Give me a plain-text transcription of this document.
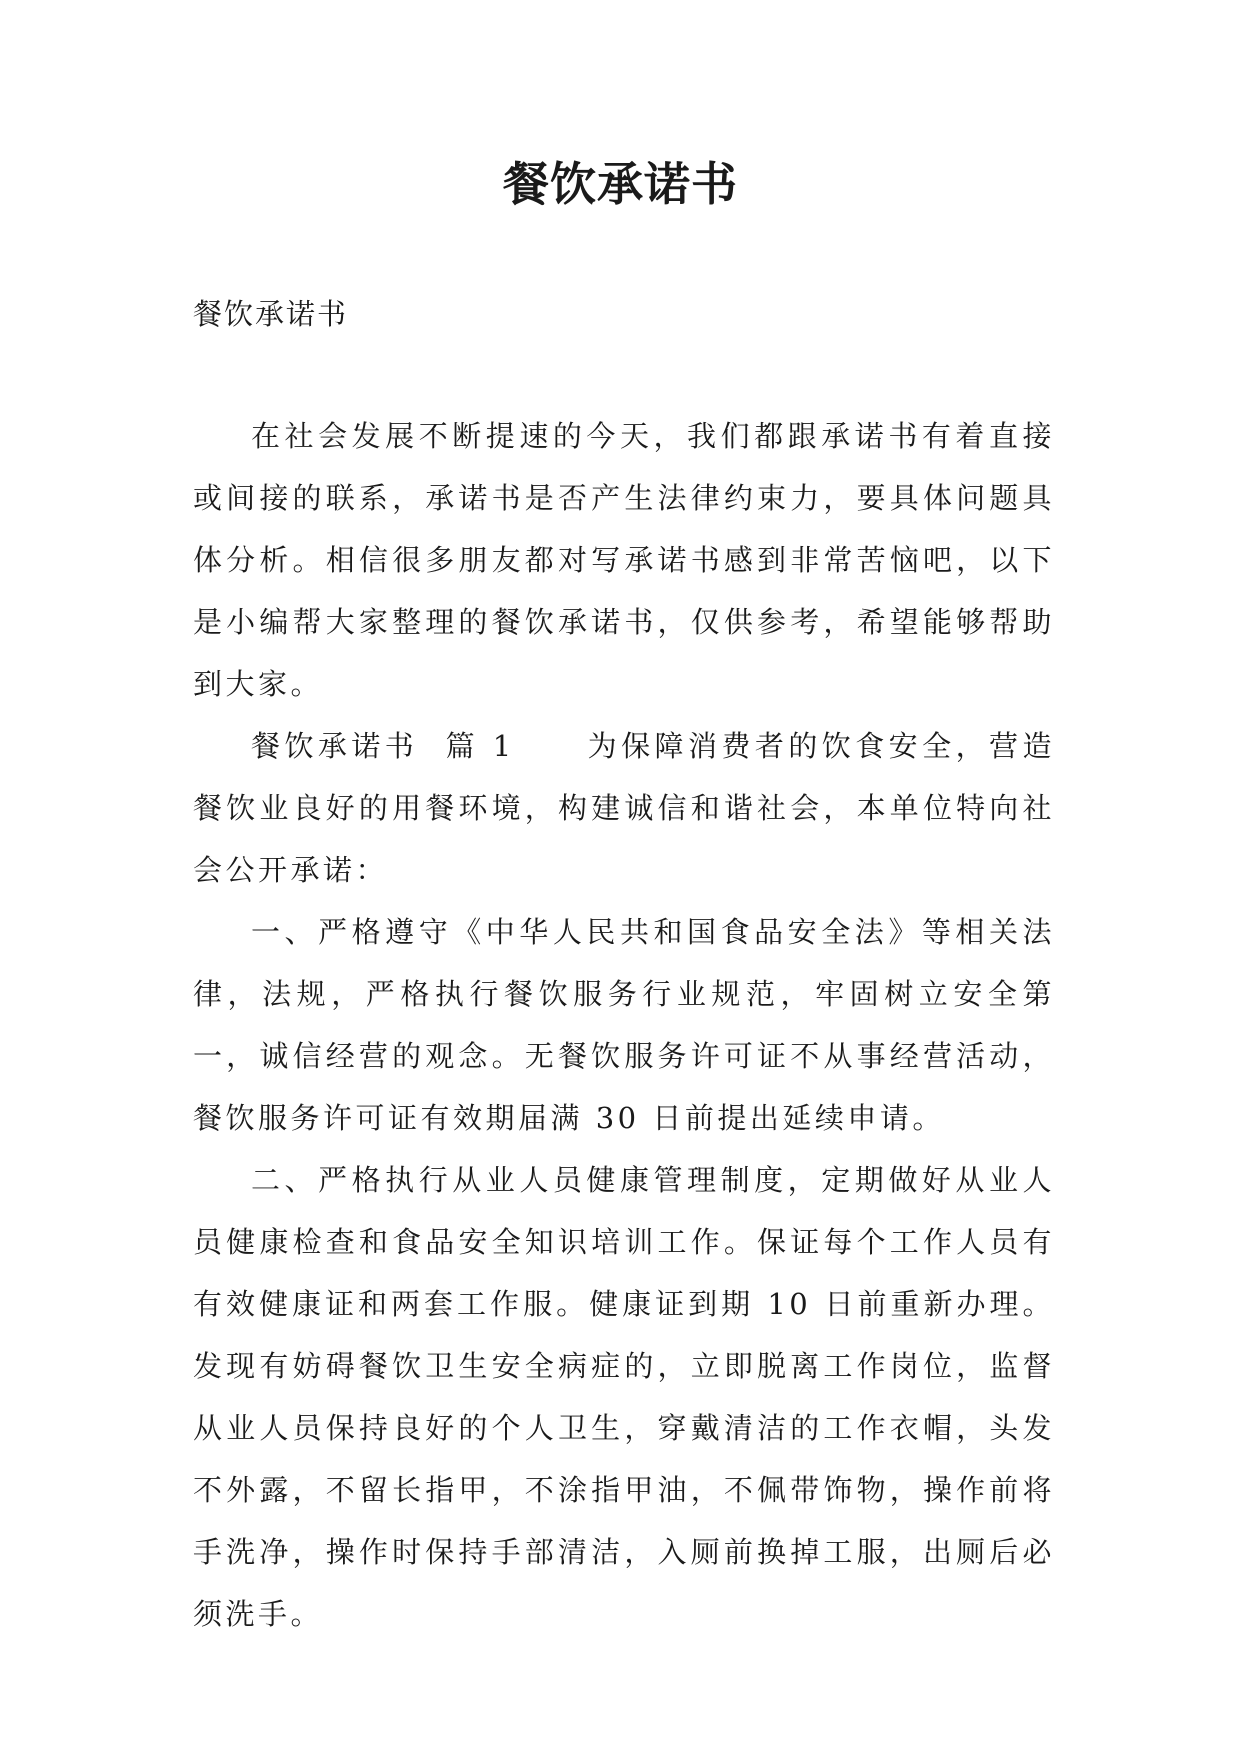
餐饮承诺书

餐饮承诺书

在社会发展不断提速的今天，我们都跟承诺书有着直接或间接的联系，承诺书是否产生法律约束力，要具体问题具体分析。相信很多朋友都对写承诺书感到非常苦恼吧，以下是小编帮大家整理的餐饮承诺书，仅供参考，希望能够帮助到大家。

餐饮承诺书  篇 1 为保障消费者的饮食安全，营造餐饮业良好的用餐环境，构建诚信和谐社会，本单位特向社会公开承诺：

一、严格遵守《中华人民共和国食品安全法》等相关法律，法规，严格执行餐饮服务行业规范，牢固树立安全第一，诚信经营的观念。无餐饮服务许可证不从事经营活动，餐饮服务许可证有效期届满 30 日前提出延续申请。

二、严格执行从业人员健康管理制度，定期做好从业人员健康检查和食品安全知识培训工作。保证每个工作人员有有效健康证和两套工作服。健康证到期 10 日前重新办理。发现有妨碍餐饮卫生安全病症的，立即脱离工作岗位，监督从业人员保持良好的个人卫生，穿戴清洁的工作衣帽，头发不外露，不留长指甲，不涂指甲油，不佩带饰物，操作前将手洗净，操作时保持手部清洁，入厕前换掉工服，出厕后必须洗手。
